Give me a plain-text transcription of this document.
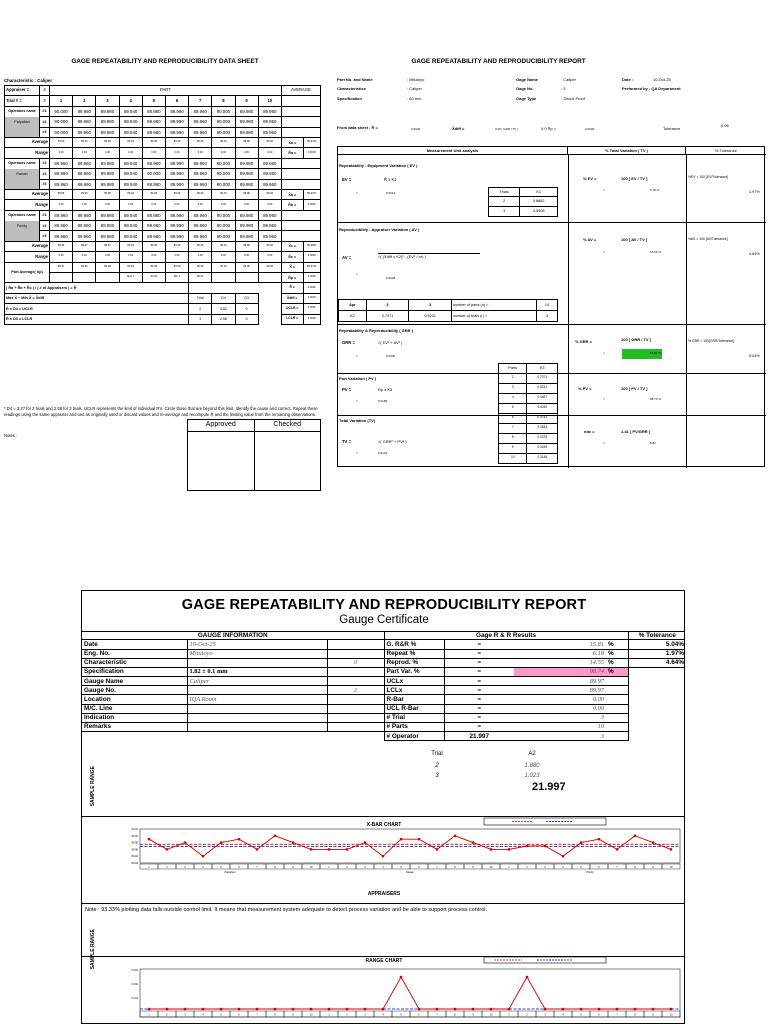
GAGE REPEATABILITY AND REPRODUCIBILITY DATA SHEET
Characteristic : Caliper
Appraiser =	3	PART										AVERAGE	
Trial # =	3	1	2	3	4	5	6	7	8	9	10		
Operators name	#1	90.000	89.960	89.980	89.940	89.980	89.990	89.960	90.000	89.980	89.960		
Patpahan	#2	90.000	89.960	89.980	89.940	89.980	89.990	89.960	90.000	89.980	89.960		
	#3	90.000	89.960	89.980	89.940	89.980	89.990	89.960	90.000	89.980	89.960		
Average		90.00	89.96	89.98	89.94	89.98	89.99	89.96	90.00	89.98	89.96	X̄a =	89.9720
Range		0.00	0.00	0.00	0.00	0.00	0.00	0.00	0.00	0.00	0.00	R̄a =	0.0000
Operators name	#1	89.960	89.960	89.980	89.940	89.980	89.990	89.960	90.000	89.980	89.960		
Rawan	#2	89.960	89.960	89.980	89.940	90.000	89.990	89.960	90.000	89.980	89.960		
	#3	89.960	89.960	89.980	89.940	89.980	89.990	89.960	90.000	89.980	89.960		
Average		89.96	89.96	89.98	89.94	89.99	89.99	89.96	90.00	89.98	89.96	X̄b =	89.9707
Range		0.00	0.00	0.00	0.00	0.02	0.00	0.00	0.00	0.00	0.00	R̄b =	0.0020
Operators name	#1	89.960	89.960	89.980	89.940	89.980	89.990	89.960	90.000	89.980	89.960		
Pondy	#2	89.960	89.960	89.980	89.940	89.980	89.990	89.960	90.000	89.980	89.960		
	#3	89.960	89.960	89.980	89.940	89.980	89.990	89.960	90.000	89.980	89.960		
Average		89.96	89.97	89.97	89.94	89.98	89.99	89.96	90.00	89.98	89.96	X̄c =	89.9687
Range		0.00	0.02	0.00	0.00	0.00	0.00	0.00	0.00	0.00	0.00	R̄c =	0.0040
Part Average( Xp)		89.97	89.96	89.98	89.94	89.98	89.99	89.96	90.00	89.98	89.96	X̿ =	89.9711
					Max 1	90.00	Min 1	89.94				R̄p =	0.0600
( R̄a + R̄b + R̄c ) / ( # of Appraisers ) = R̄												R̄ =	0.0020
Max X̄ − Min X̄ = X̄diff								Trial	D4	D3		X̄diff =	0.0033
R̄ x D4 = UCLR								2	3.82	0		UCLR =	0.0052
R̄ x D3 = LCLR								3	2.58	0		LCLR =	0.0000
* D4 = 3.27 for 2 trials and 2.58 for 3 trials. UCLR represents the limit of individual R's. Circle those that are beyond this limit. Identify the cause and correct. Repeat these readings using the same appraiser and unit as originally used or discard values and re-average and recompute R̄ and the limiting value from the remaining observations.
Notes :
Approved	Checked

GAGE REPEATABILITY AND REPRODUCIBILITY REPORT
Part No. and Name	: Mitutoyo
Characteristics	: Caliper
Specification	: 80 mm
Gage Name	: Caliper
Gage No.	: 2
Gage Type	: Shock Proof
Date :	10-Oct-25
Performed by : QA Department
From data sheet : R̄ =	0.0020	X̄diff =	0.00 [ GRR / TV ]	0.0 R̄p =	0.0600	Tolerance
0.06
Measurement Unit analysis	% Total Variation ( TV )	% Tolerance
Repeatability - Equipment Variation ( EV )
EV =	R̄ x K1
=	0.0012	Trials	K1
2	0.8862
3	0.5908
% EV =	100 [ EV / TV ]
=	6.18 %
%EV = 100 [EV/Tolerance]
1.97%
Reproducibility - Appraiser Variation ( AV )
AV =	√( (X̄diff x K2)² - (EV² / nr) )
=
0.0028
% AV =	100 [ AV / TV ]
=	14.55 %
%AV = 100 [AV/Tolerance]
4.64%
Apr	2	3	number of parts (n) =	10
K2	0.7071	0.5231	number of trials (r) =	3
Repeatability & Reproducibility ( GRR )
GRR =	√( EV² + AV² )
=	0.0030
% GRR =	100 [ GRR / TV ]
=	15.81 %
% GRR = 100[GRR/Tolerance]
5.04%
Parts	K3
2	0.7071
3	0.5231
4	0.4467
5	0.4030
6	0.3742
7	0.3534
8	0.3375
9	0.3249
10	0.3146
Part Variation ( PV )
PV =	Rp x K3
=	0.0189
% PV =	100 [ PV / TV ]
=	98.74 %
Total Variation (TV)
TV =	√( GRR² + PV² )
=	0.0191
ndc =	1.41 [ PV/GRR ]
=	8.82
GAGE REPEATABILITY AND REPRODUCIBILITY REPORT
Gauge Certificate
GAUGE INFORMATION			Gage R & R Results				% Tolerance
Date	10-Oct-25		G. R&R %	=	15.81	%	5.04%
Eng. No.	Mitutoyo		Repeat %	=	6.18	%	1.97%
Characteristic		0	Reprod. %	=	14.55	%	4.64%
Specification	1.82 ± 0.1 mm		Part Var. %	=	98.74	%	
Gauge Name	Caliper		UCLx	=	89.97		
Gauge No.		2	LCLx	=	89.97		
Location	IQA Room		R-Bar	=	0.00		
M/C. Line			UCL R-Bar	=	0.00		
Indication			# Trial	=	3		
Remarks			# Parts	=	10		
			# Operator	21.997	3		
Trial	A2
2	1.880
3	1.023
21.997
SAMPLE RANGE
X-BAR CHART
90.02
90.00
89.98
89.96
89.94
89.92
1	2	3	4	5	6	7	8	9	10	1	2	3	4	5	6	7	8	9	10	1	2	3	4	5	6	7	8	9	10
Patpahan	Rawan	Pondy
APPRAISERS
Note : 93.33% plotting data falls outside control limit. It means that measurement system adequate to detect process variation and be able to support process control.
SAMPLE RANGE	RANGE CHART
0.003
0.002
0.001
1	2	3	4	5	6	7	8	9	10	1	2	3	4	5	6	7	8	9	10	1	2	3	4	5	6	7	8	9	10
